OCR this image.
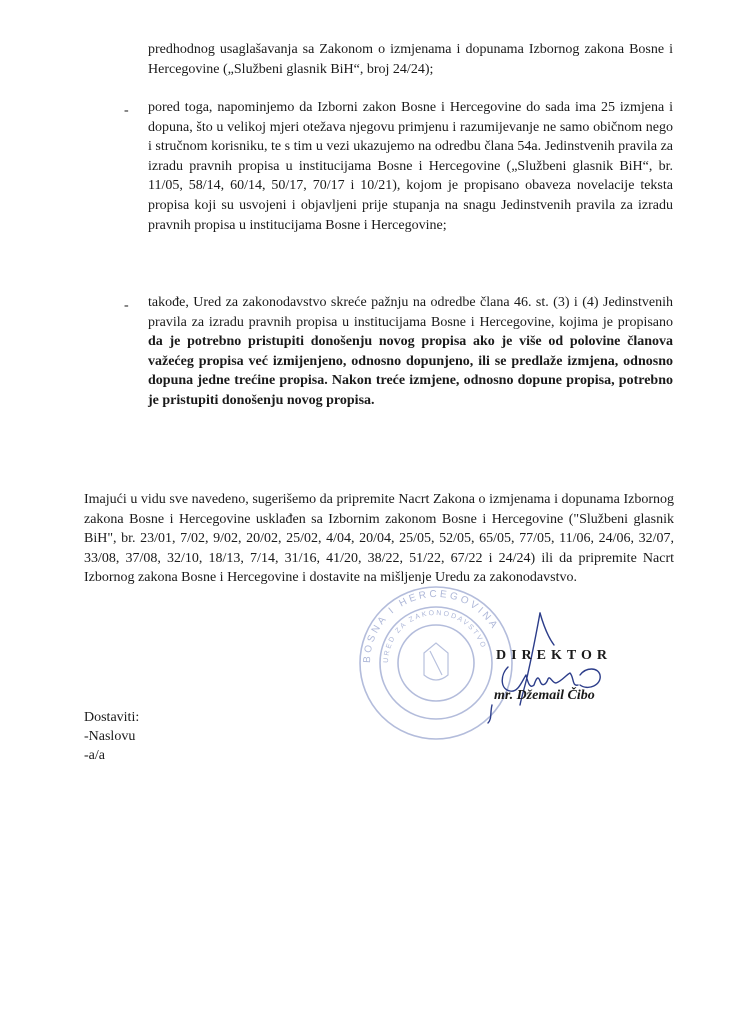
predhodnog usaglašavanja sa Zakonom o izmjenama i dopunama Izbornog zakona Bosne i Hercegovine („Službeni glasnik BiH“, broj 24/24);

- pored toga, napominjemo da Izborni zakon Bosne i Hercegovine do sada ima 25 izmjena i dopuna, što u velikoj mjeri otežava njegovu primjenu i razumijevanje ne samo običnom nego i stručnom korisniku, te s tim u vezi ukazujemo na odredbu člana 54a. Jedinstvenih pravila za izradu pravnih propisa u institucijama Bosne i Hercegovine („Službeni glasnik BiH“, br. 11/05, 58/14, 60/14, 50/17, 70/17 i 10/21), kojom je propisano obaveza novelacije teksta propisa koji su usvojeni i objavljeni prije stupanja na snagu Jedinstvenih pravila za izradu pravnih propisa u institucijama Bosne i Hercegovine;

- takođe, Ured za zakonodavstvo skreće pažnju na odredbe člana 46. st. (3) i (4) Jedinstvenih pravila za izradu pravnih propisa u institucijama Bosne i Hercegovine, kojima je propisano da je potrebno pristupiti donošenju novog propisa ako je više od polovine članova važećeg propisa već izmijenjeno, odnosno dopunjeno, ili se predlaže izmjena, odnosno dopuna jedne trećine propisa. Nakon treće izmjene, odnosno dopune propisa, potrebno je pristupiti donošenju novog propisa.

Imajući u vidu sve navedeno, sugerišemo da pripremite Nacrt Zakona o izmjenama i dopunama Izbornog zakona Bosne i Hercegovine usklađen sa Izbornim zakonom Bosne i Hercegovine ("Službeni glasnik BiH", br. 23/01, 7/02, 9/02, 20/02, 25/02, 4/04, 20/04, 25/05, 52/05, 65/05, 77/05, 11/06, 24/06, 32/07, 33/08, 37/08, 32/10, 18/13, 7/14, 31/16, 41/20, 38/22, 51/22, 67/22 i 24/24) ili da pripremite Nacrt Izbornog zakona Bosne i Hercegovine i dostavite na mišljenje Uredu za zakonodavstvo.

BOSNA I HERCEGOVINA
URED ZA ZAKONODAVSTVO
DIREKTOR
mr. Džemail Čibo
Dostaviti:
-Naslovu
-a/a
